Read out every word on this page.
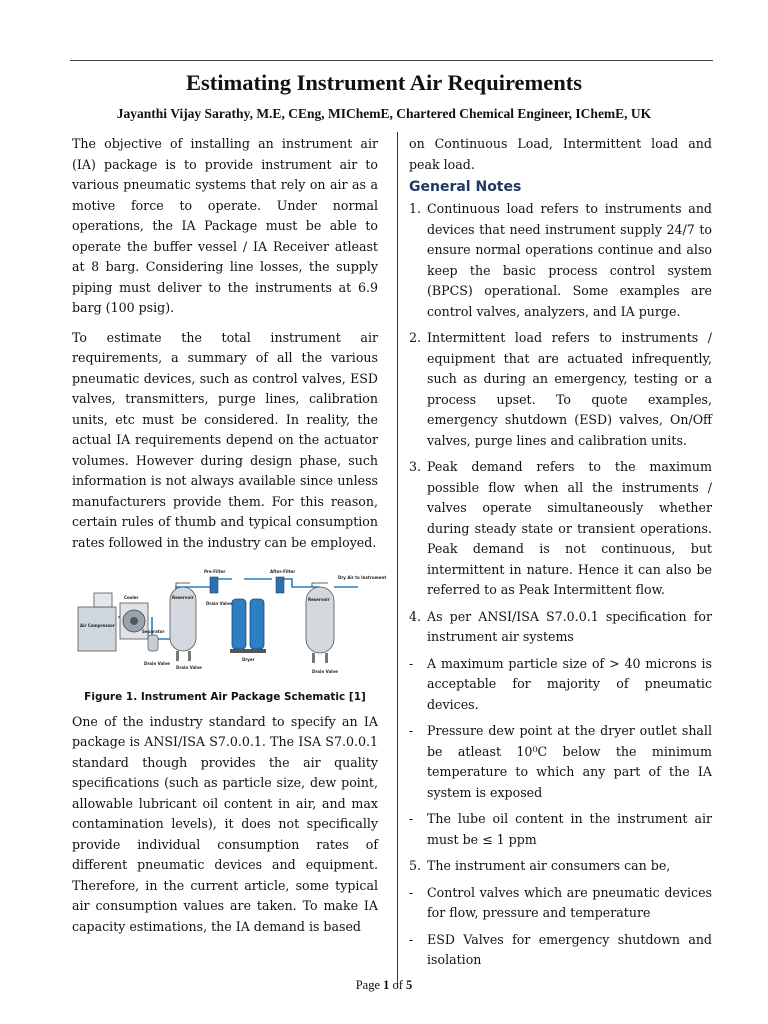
Estimating Instrument Air Requirements
Jayanthi Vijay Sarathy, M.E, CEng, MIChemE, Chartered Chemical Engineer, IChemE, UK

The objective of installing an instrument air (IA) package is to provide instrument air to various pneumatic systems that rely on air as a motive force to operate. Under normal operations, the IA Package must be able to operate the buffer vessel / IA Receiver atleast at 8 barg. Considering line losses, the supply piping must deliver to the instruments at 6.9 barg (100 psig).

To estimate the total instrument air requirements, a summary of all the various pneumatic devices, such as control valves, ESD valves, transmitters, purge lines, calibration units, etc must be considered. In reality, the actual IA requirements depend on the actuator volumes. However during design phase, such information is not always available since unless manufacturers provide them. For this reason, certain rules of thumb and typical consumption rates followed in the industry can be employed.

Air Compressor
Cooler
Separator
Drain Valve
Reservoir
Drain Valve
Pre-Filter
Drain Valve
Dryer
After-Filter
Reservoir
Drain Valve
Dry Air to Instrument
Figure 1. Instrument Air Package Schematic [1]

One of the industry standard to specify an IA package is ANSI/ISA S7.0.0.1. The ISA S7.0.0.1 standard though provides the air quality specifications (such as particle size, dew point, allowable lubricant oil content in air, and max contamination levels), it does not specifically provide individual consumption rates of different pneumatic devices and equipment. Therefore, in the current article, some typical air consumption values are taken. To make IA capacity estimations, the IA demand is based

on Continuous Load, Intermittent load and peak load.

General Notes
1. Continuous load refers to instruments and devices that need instrument supply 24/7 to ensure normal operations continue and also keep the basic process control system (BPCS) operational. Some examples are control valves, analyzers, and IA purge.
2. Intermittent load refers to instruments / equipment that are actuated infrequently, such as during an emergency, testing or a process upset. To quote examples, emergency shutdown (ESD) valves, On/Off valves, purge lines and calibration units.
3. Peak demand refers to the maximum possible flow when all the instruments / valves operate simultaneously whether during steady state or transient operations. Peak demand is not continuous, but intermittent in nature. Hence it can also be referred to as Peak Intermittent flow.
4. As per ANSI/ISA S7.0.0.1 specification for instrument air systems
- A maximum particle size of > 40 microns is acceptable for majority of pneumatic devices.
- Pressure dew point at the dryer outlet shall be atleast 10⁰C below the minimum temperature to which any part of the IA system is exposed
- The lube oil content in the instrument air must be ≤ 1 ppm
5. The instrument air consumers can be,
- Control valves which are pneumatic devices for flow, pressure and temperature
- ESD Valves for emergency shutdown and isolation
Page 1 of 5
